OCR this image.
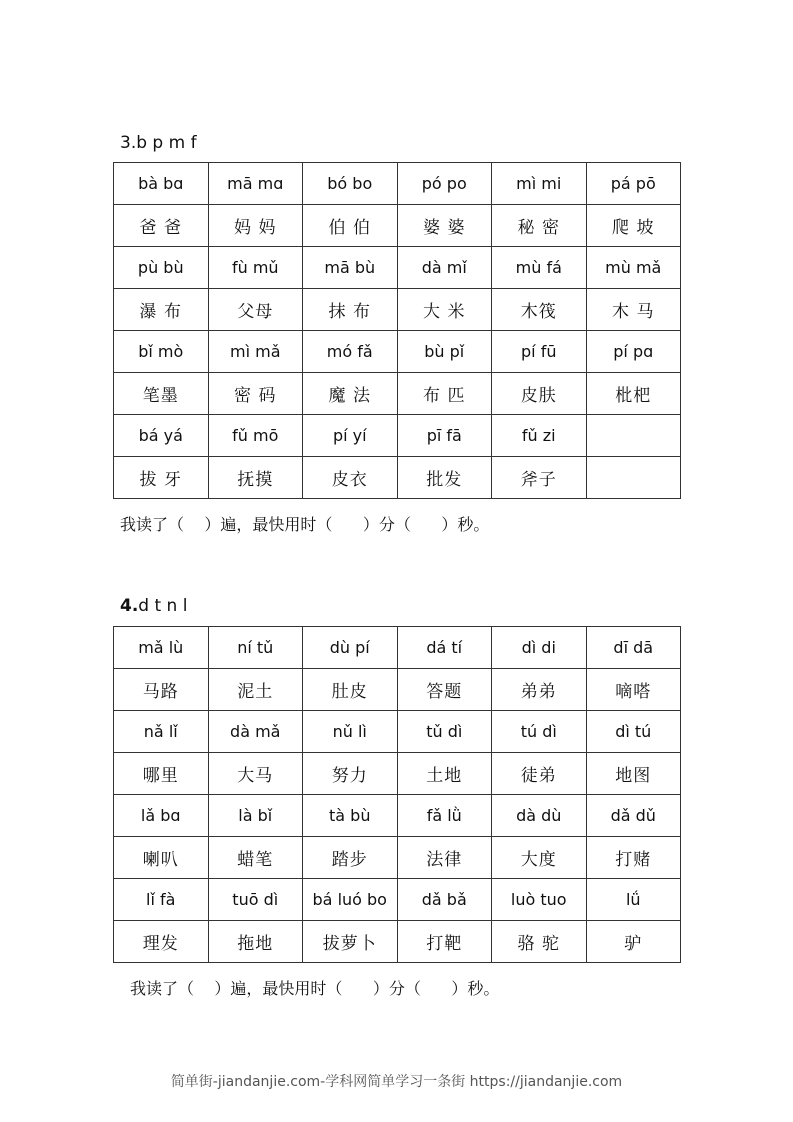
3.b p m f
bà bɑ	mā mɑ	bó bo	pó po	mì mi	pá pō
爸 爸	妈 妈	伯 伯	婆 婆	秘 密	爬 坡
pù bù	fù mǔ	mā bù	dà mǐ	mù fá	mù mǎ
瀑 布	父母	抹 布	大 米	木筏	木 马
bǐ mò	mì mǎ	mó fǎ	bù pǐ	pí fū	pí pɑ
笔墨	密 码	魔 法	布 匹	皮肤	枇杷
bá yá	fǔ mō	pí yí	pī fā	fǔ zi	
拔 牙	抚摸	皮衣	批发	斧子	
我读了（    ）遍，最快用时（      ）分（      ）秒。
4.d t n l
mǎ lù	ní tǔ	dù pí	dá tí	dì di	dī dā
马路	泥土	肚皮	答题	弟弟	嘀嗒
nǎ lǐ	dà mǎ	nǔ lì	tǔ dì	tú dì	dì tú
哪里	大马	努力	土地	徒弟	地图
lǎ bɑ	là bǐ	tà bù	fǎ lǜ	dà dù	dǎ dǔ
喇叭	蜡笔	踏步	法律	大度	打赌
lǐ fà	tuō dì	bá luó bo	dǎ bǎ	luò tuo	lǘ
理发	拖地	拔萝卜	打靶	骆 驼	驴
我读了（    ）遍，最快用时（      ）分（      ）秒。
简单街-jiandanjie.com-学科网简单学习一条街 https://jiandanjie.com
